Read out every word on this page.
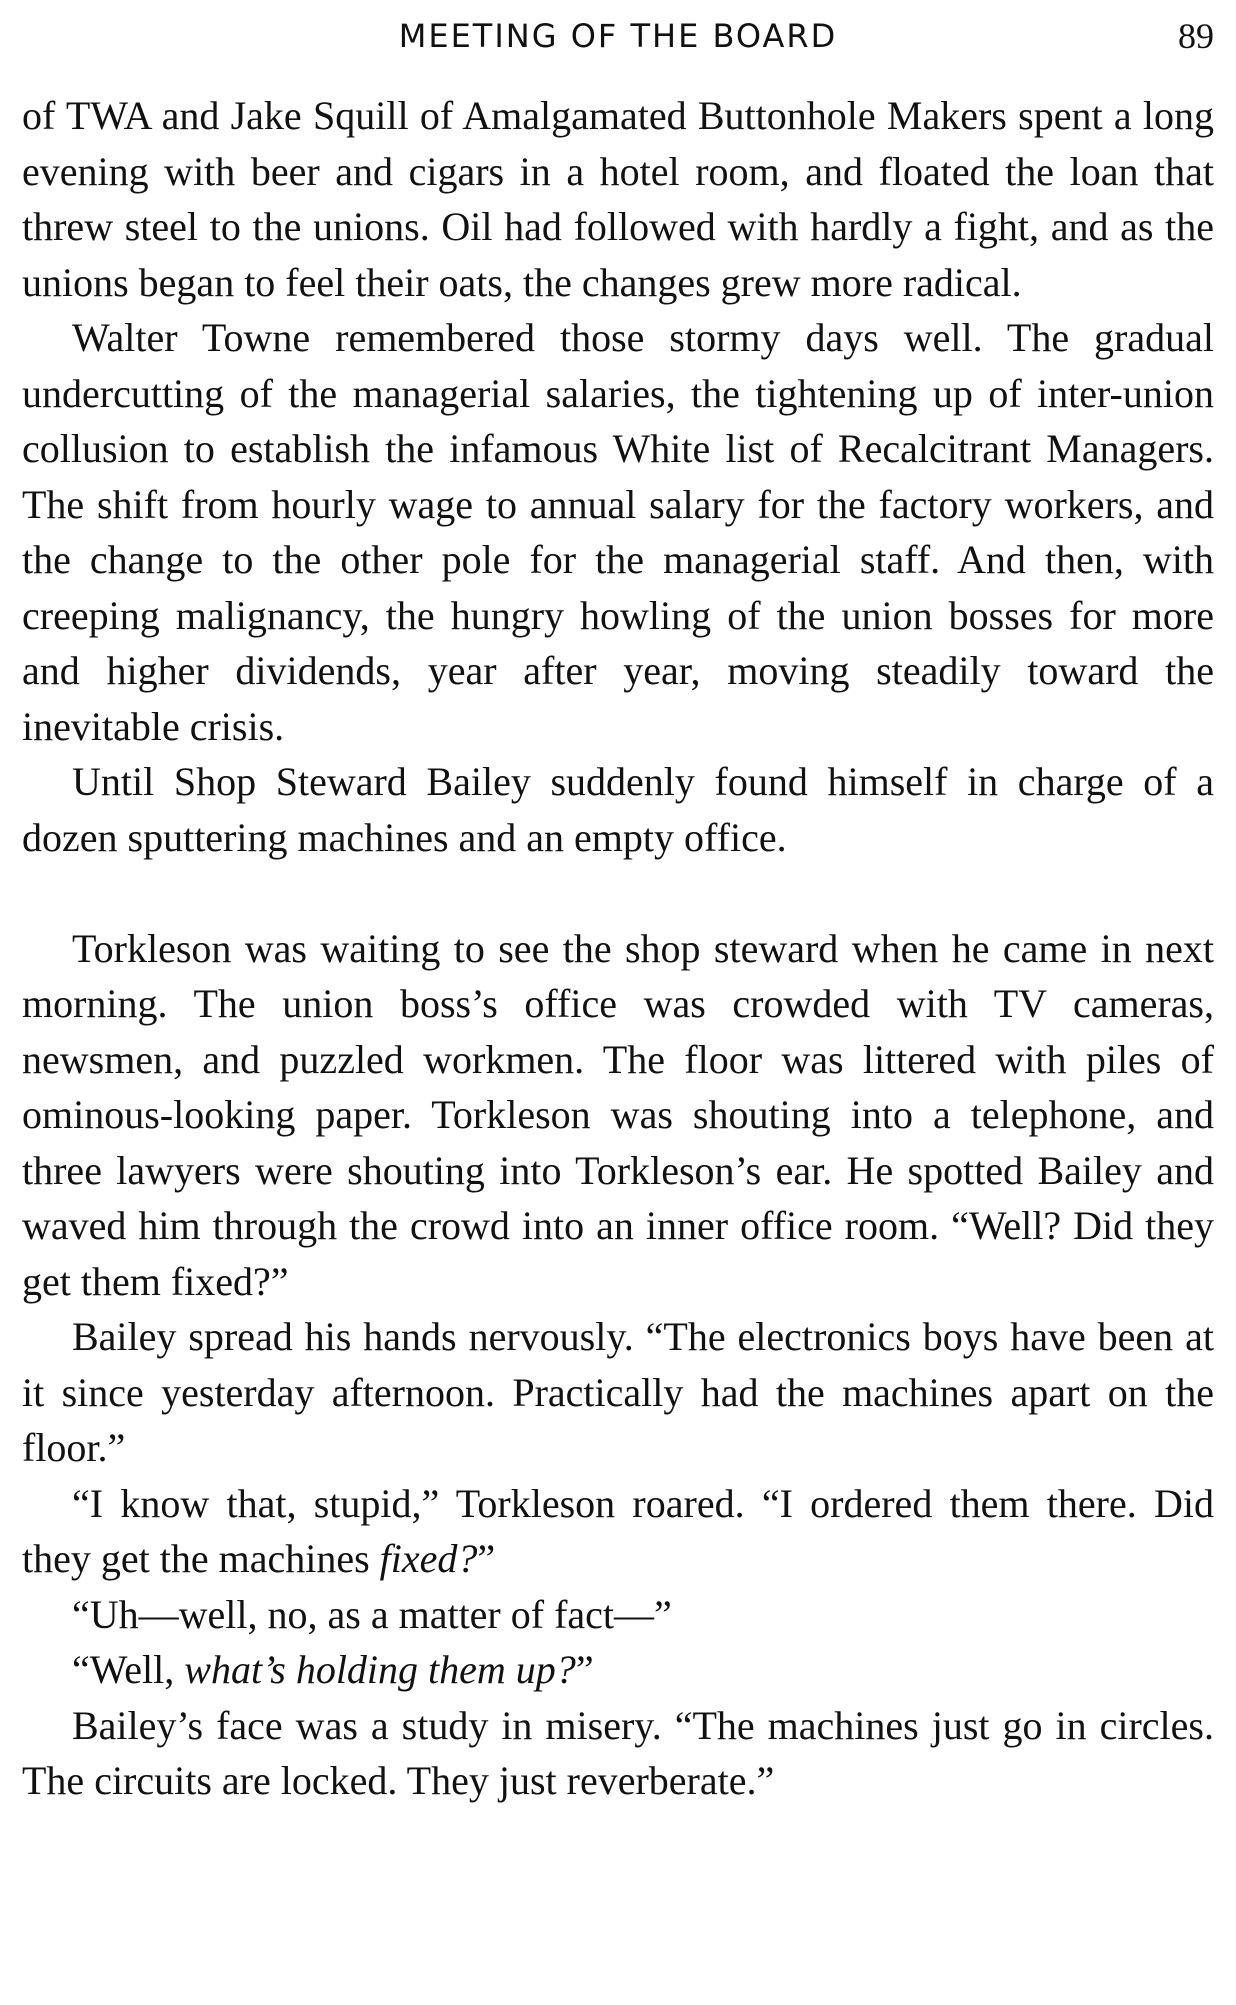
MEETING OF THE BOARD	89

of TWA and Jake Squill of Amalgamated Buttonhole Makers spent a long evening with beer and cigars in a hotel room, and floated the loan that threw steel to the unions. Oil had followed with hardly a fight, and as the unions began to feel their oats, the changes grew more radical.

Walter Towne remembered those stormy days well. The gradual undercutting of the managerial salaries, the tightening up of inter-union collusion to establish the infamous White list of Recalcitrant Managers. The shift from hourly wage to annual salary for the factory workers, and the change to the other pole for the managerial staff. And then, with creeping malignancy, the hungry howling of the union bosses for more and higher dividends, year after year, moving steadily toward the inevitable crisis.

Until Shop Steward Bailey suddenly found himself in charge of a dozen sputtering machines and an empty office.

Torkleson was waiting to see the shop steward when he came in next morning. The union boss’s office was crowded with TV cameras, newsmen, and puzzled workmen. The floor was littered with piles of ominous-looking paper. Torkleson was shouting into a telephone, and three lawyers were shouting into Torkleson’s ear. He spotted Bailey and waved him through the crowd into an inner office room. “Well? Did they get them fixed?”

Bailey spread his hands nervously. “The electronics boys have been at it since yesterday afternoon. Practically had the machines apart on the floor.”

“I know that, stupid,” Torkleson roared. “I ordered them there. Did they get the machines fixed?”

“Uh—well, no, as a matter of fact—”

“Well, what’s holding them up?”

Bailey’s face was a study in misery. “The machines just go in circles. The circuits are locked. They just reverberate.”
